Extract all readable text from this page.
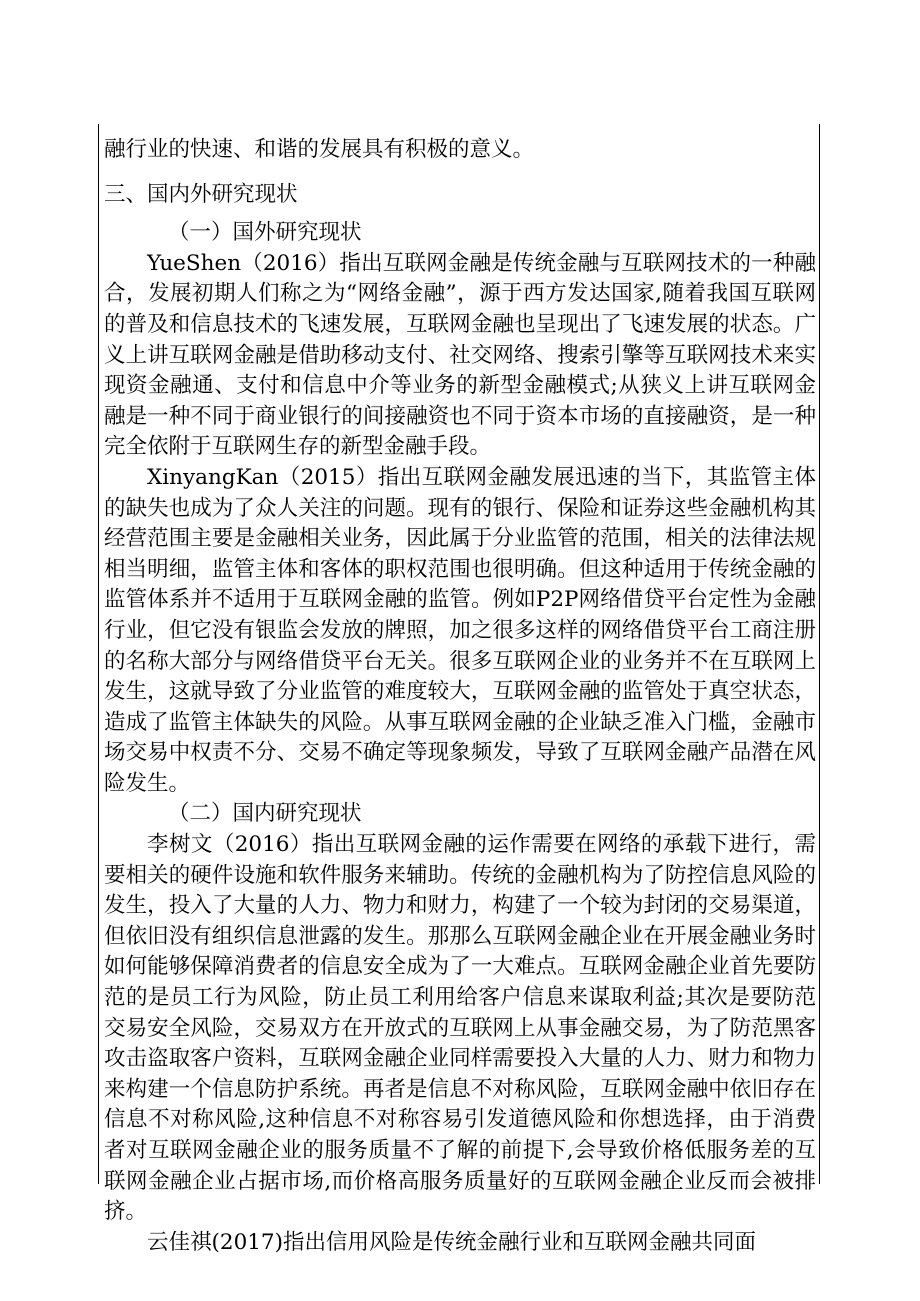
融行业的快速、和谐的发展具有积极的意义。

三、国内外研究现状

（一）国外研究现状

YueShen（2016）指出互联网金融是传统金融与互联网技术的一种融合，发展初期人们称之为“网络金融”，源于西方发达国家,随着我国互联网的普及和信息技术的飞速发展，互联网金融也呈现出了飞速发展的状态。广义上讲互联网金融是借助移动支付、社交网络、搜索引擎等互联网技术来实现资金融通、支付和信息中介等业务的新型金融模式;从狭义上讲互联网金融是一种不同于商业银行的间接融资也不同于资本市场的直接融资，是一种完全依附于互联网生存的新型金融手段。

XinyangKan（2015）指出互联网金融发展迅速的当下，其监管主体的缺失也成为了众人关注的问题。现有的银行、保险和证券这些金融机构其经营范围主要是金融相关业务，因此属于分业监管的范围，相关的法律法规相当明细，监管主体和客体的职权范围也很明确。但这种适用于传统金融的监管体系并不适用于互联网金融的监管。例如P2P网络借贷平台定性为金融行业，但它没有银监会发放的牌照，加之很多这样的网络借贷平台工商注册的名称大部分与网络借贷平台无关。很多互联网企业的业务并不在互联网上发生，这就导致了分业监管的难度较大，互联网金融的监管处于真空状态，造成了监管主体缺失的风险。从事互联网金融的企业缺乏准入门槛，金融市场交易中权责不分、交易不确定等现象频发，导致了互联网金融产品潜在风险发生。

（二）国内研究现状

李树文（2016）指出互联网金融的运作需要在网络的承载下进行，需要相关的硬件设施和软件服务来辅助。传统的金融机构为了防控信息风险的发生，投入了大量的人力、物力和财力，构建了一个较为封闭的交易渠道，但依旧没有组织信息泄露的发生。那那么互联网金融企业在开展金融业务时如何能够保障消费者的信息安全成为了一大难点。互联网金融企业首先要防范的是员工行为风险，防止员工利用给客户信息来谋取利益;其次是要防范交易安全风险，交易双方在开放式的互联网上从事金融交易，为了防范黑客攻击盗取客户资料，互联网金融企业同样需要投入大量的人力、财力和物力来构建一个信息防护系统。再者是信息不对称风险，互联网金融中依旧存在信息不对称风险,这种信息不对称容易引发道德风险和你想选择，由于消费者对互联网金融企业的服务质量不了解的前提下,会导致价格低服务差的互联网金融企业占据市场,而价格高服务质量好的互联网金融企业反而会被排挤。

云佳祺(2017)指出信用风险是传统金融行业和互联网金融共同面
